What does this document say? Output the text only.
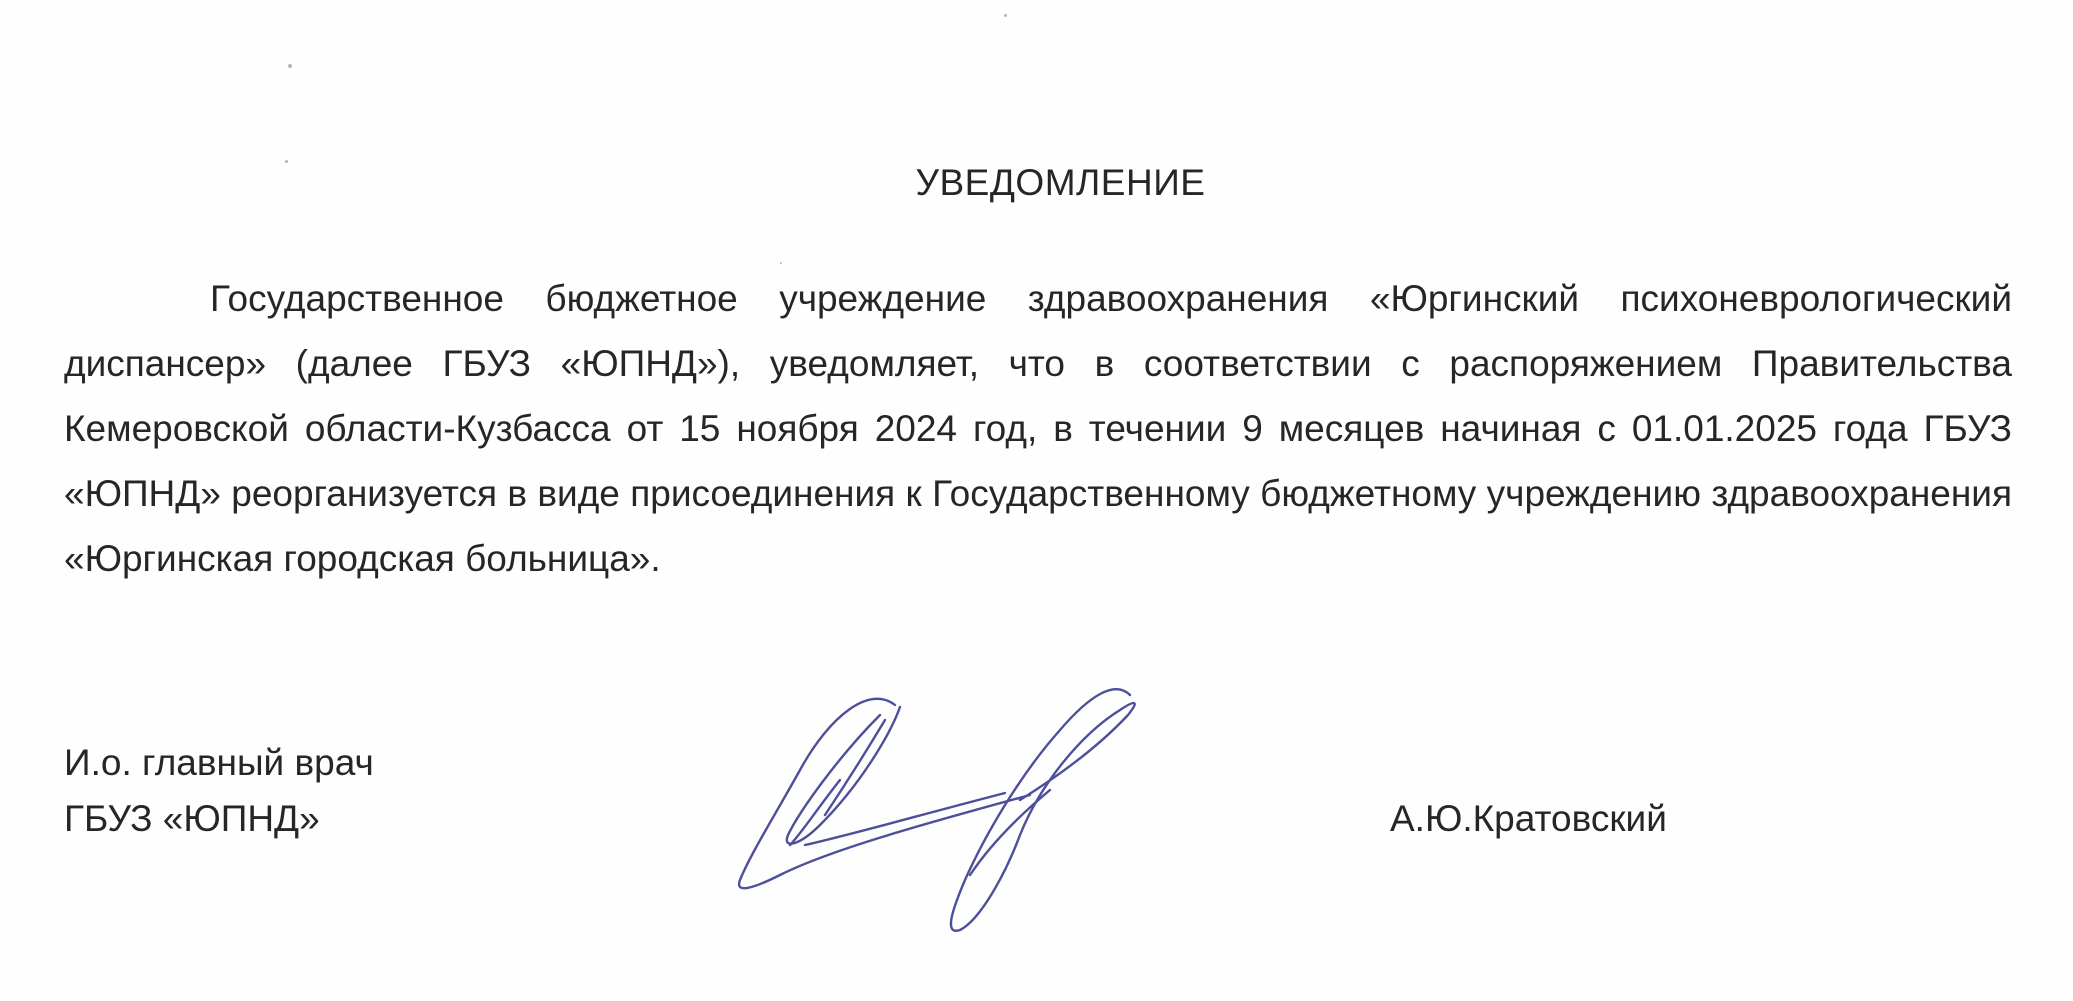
УВЕДОМЛЕНИЕ

Государственное бюджетное учреждение здравоохранения «Юргинский психоневрологический диспансер» (далее ГБУЗ «ЮПНД»), уведомляет, что в соответствии с распоряжением Правительства Кемеровской области-Кузбасса от 15 ноября 2024 год, в течении 9 месяцев начиная с 01.01.2025 года ГБУЗ «ЮПНД» реорганизуется в виде присоединения к Государственному бюджетному учреждению здравоохранения «Юргинская городская больница».

И.о. главный врач
ГБУЗ «ЮПНД»	А.Ю.Кратовский
